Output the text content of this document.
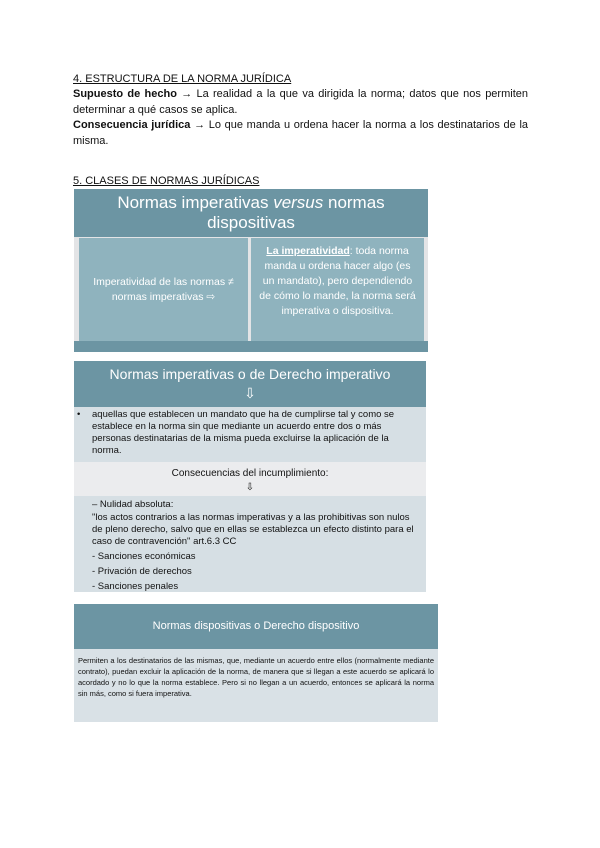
4. ESTRUCTURA DE LA NORMA JURÍDICA
Supuesto de hecho → La realidad a la que va dirigida la norma; datos que nos permiten determinar a qué casos se aplica.
Consecuencia jurídica → Lo que manda u ordena hacer la norma a los destinatarios de la misma.
5. CLASES DE NORMAS JURÍDICAS
Normas imperativas versus normas dispositivas
Imperatividad de las normas ≠ normas imperativas ⇨
La imperatividad: toda norma manda u ordena hacer algo (es un mandato), pero dependiendo de cómo lo mande, la norma será imperativa o dispositiva.
Normas imperativas o de Derecho imperativo
⇩
• aquellas que establecen un mandato que ha de cumplirse tal y como se establece en la norma sin que mediante un acuerdo entre dos o más personas destinatarias de la misma pueda excluirse la aplicación de la norma.
Consecuencias del incumplimiento:
⇩
– Nulidad absoluta:
"los actos contrarios a las normas imperativas y a las prohibitivas son nulos de pleno derecho, salvo que en ellas se establezca un efecto distinto para el caso de contravención" art.6.3 CC
- Sanciones económicas
- Privación de derechos
- Sanciones penales
Normas dispositivas o Derecho dispositivo
Permiten a los destinatarios de las mismas, que, mediante un acuerdo entre ellos (normalmente mediante contrato), puedan excluir la aplicación de la norma, de manera que si llegan a este acuerdo se aplicará lo acordado y no lo que la norma establece. Pero si no llegan a un acuerdo, entonces se aplicará la norma sin más, como si fuera imperativa.
